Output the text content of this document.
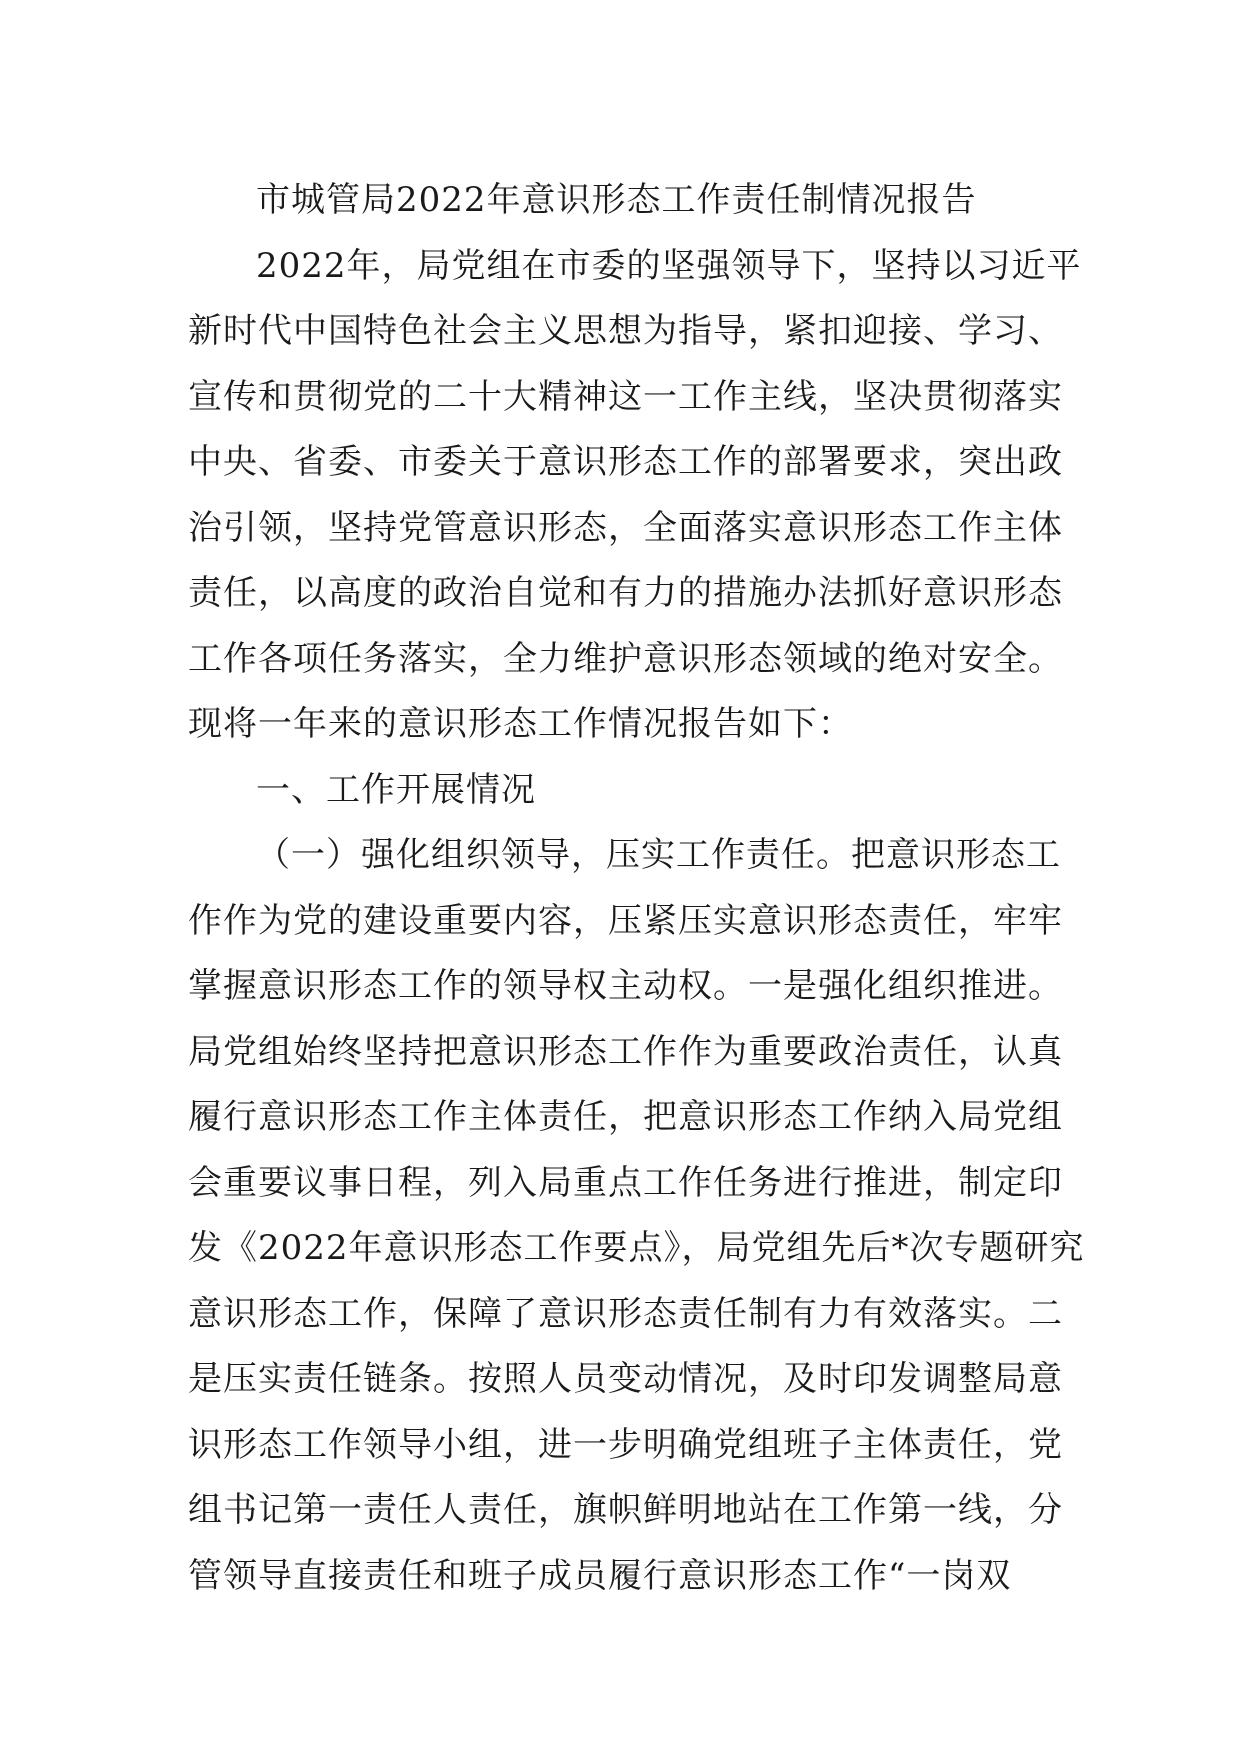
市城管局2022年意识形态工作责任制情况报告
2022年，局党组在市委的坚强领导下，坚持以习近平
新时代中国特色社会主义思想为指导，紧扣迎接、学习、
宣传和贯彻党的二十大精神这一工作主线，坚决贯彻落实
中央、省委、市委关于意识形态工作的部署要求，突出政
治引领，坚持党管意识形态，全面落实意识形态工作主体
责任，以高度的政治自觉和有力的措施办法抓好意识形态
工作各项任务落实，全力维护意识形态领域的绝对安全。
现将一年来的意识形态工作情况报告如下：
一、工作开展情况
（一）强化组织领导，压实工作责任。把意识形态工
作作为党的建设重要内容，压紧压实意识形态责任，牢牢
掌握意识形态工作的领导权主动权。一是强化组织推进。
局党组始终坚持把意识形态工作作为重要政治责任，认真
履行意识形态工作主体责任，把意识形态工作纳入局党组
会重要议事日程，列入局重点工作任务进行推进，制定印
发《2022年意识形态工作要点》，局党组先后*次专题研究
意识形态工作，保障了意识形态责任制有力有效落实。二
是压实责任链条。按照人员变动情况，及时印发调整局意
识形态工作领导小组，进一步明确党组班子主体责任，党
组书记第一责任人责任，旗帜鲜明地站在工作第一线，分
管领导直接责任和班子成员履行意识形态工作“一岗双
